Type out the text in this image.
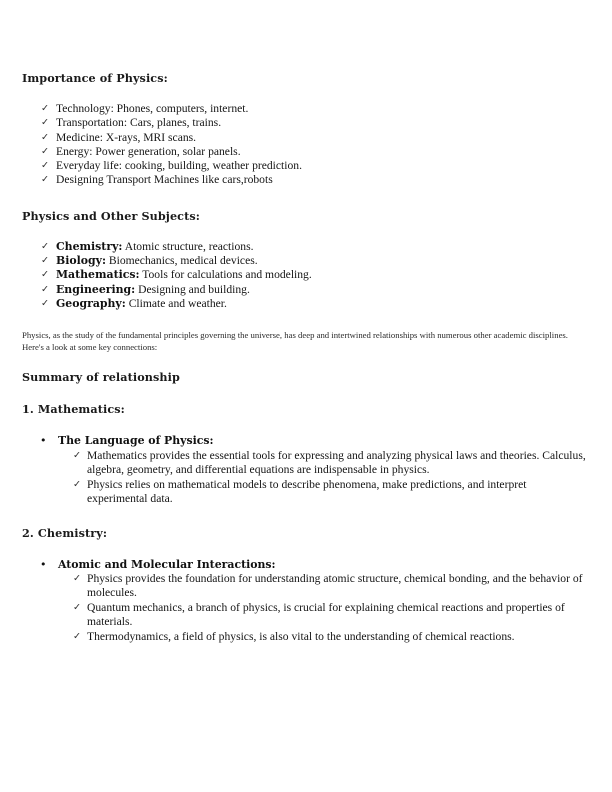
Importance of Physics:
✓ Technology: Phones, computers, internet.
✓ Transportation: Cars, planes, trains.
✓ Medicine: X-rays, MRI scans.
✓ Energy: Power generation, solar panels.
✓ Everyday life: cooking, building, weather prediction.
✓ Designing Transport Machines like cars,robots
Physics and Other Subjects:
✓ Chemistry: Atomic structure, reactions.
✓ Biology: Biomechanics, medical devices.
✓ Mathematics: Tools for calculations and modeling.
✓ Engineering: Designing and building.
✓ Geography: Climate and weather.

Physics, as the study of the fundamental principles governing the universe, has deep and intertwined relationships with numerous other academic disciplines. Here's a look at some key connections:

Summary of relationship
1. Mathematics:
• The Language of Physics:
✓ Mathematics provides the essential tools for expressing and analyzing physical laws and theories. Calculus, algebra, geometry, and differential equations are indispensable in physics.
✓ Physics relies on mathematical models to describe phenomena, make predictions, and interpret experimental data.
2. Chemistry:
• Atomic and Molecular Interactions:
✓ Physics provides the foundation for understanding atomic structure, chemical bonding, and the behavior of molecules.
✓ Quantum mechanics, a branch of physics, is crucial for explaining chemical reactions and properties of materials.
✓ Thermodynamics, a field of physics, is also vital to the understanding of chemical reactions.
